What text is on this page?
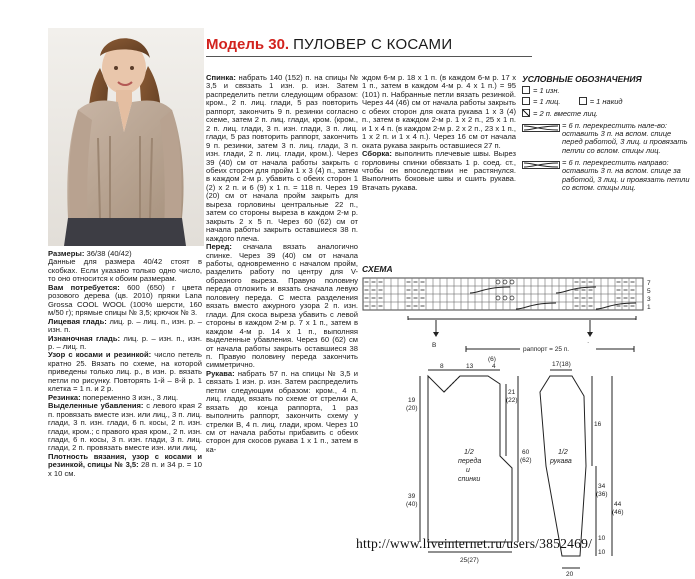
Модель 30. ПУЛОВЕР С КОСАМИ

Размеры: 36/38 (40/42)

Данные для размера 40/42 стоят в скобках. Если указано только одно число, то оно относится к обоим размерам.

Вам потребуется: 600 (650) г цвета розового дерева (цв. 2010) пряжи Lana Grossa COOL WOOL (100% шерсти, 160 м/50 г); прямые спицы № 3,5; крючок № 3.

Лицевая гладь: лиц. р. – лиц. п., изн. р. – изн. п.

Изнаночная гладь: лиц. р. – изн. п., изн. р. – лиц. п.

Узор с косами и резинкой: число петель кратно 25. Вязать по схеме, на которой приведены только лиц. р., в изн. р. вязать петли по рисунку. Повторять 1-й – 8-й р. 1 клетка = 1 п. и 2 р.

Резинка: попеременно 3 изн., 3 лиц.

Выделенные убавления: с левого края 2 п. провязать вместе изн. или лиц., 3 п. лиц. глади, 3 п. изн. глади, 6 п. косы, 2 п. изн. глади, кром.; с правого края кром., 2 п. изн. глади, 6 п. косы, 3 п. изн. глади, 3 п. лиц. глади, 2 п. провязать вместе изн. или лиц.

Плотность вязания, узор с косами и резинкой, спицы № 3,5: 28 п. и 34 р. = 10 х 10 см.

Спинка: набрать 140 (152) п. на спицы № 3,5 и связать 1 изн. р. изн. Затем распределить петли следующим образом: кром., 2 п. лиц. глади, 5 раз повторить раппорт, закончить 9 п. резинки согласно схеме, затем 2 п. лиц. глади, кром. (кром., 2 п. лиц. глади, 3 п. изн. глади, 3 п. лиц. глади, 5 раз повторить раппорт, закончить 9 п. резинки, затем 3 п. лиц. глади, 3 п. изн. глади, 2 п. лиц. глади, кром.). Через 39 (40) см от начала работы закрыть с обеих сторон для пройм 1 х 3 (4) п., затем в каждом 2-м р. убавить с обеих сторон 1 (2) х 2 п. и 6 (9) х 1 п. = 118 п. Через 19 (20) см от начала пройм закрыть для выреза горловины центральные 22 п., затем со стороны выреза в каждом 2-м р. закрыть 2 х 5 п. Через 60 (62) см от начала работы закрыть оставшиеся 38 п. каждого плеча.

Перед: сначала вязать аналогично спинке. Через 39 (40) см от начала работы, одновременно с началом пройм, разделить работу по центру для V-образного выреза. Правую половину переда отложить и вязать сначала левую половину переда. С места разделения вязать вместо ажурного узора 2 п. изн. глади. Для скоса выреза убавить с левой стороны в каждом 2-м р. 7 х 1 п., затем в каждом 4-м р. 14 х 1 п., выполняя выделенные убавления. Через 60 (62) см от начала работы закрыть оставшиеся 38 п. Правую половину переда закончить симметрично.

Рукава: набрать 57 п. на спицы № 3,5 и связать 1 изн. р. изн. Затем распределить петли следующим образом: кром., 4 п. лиц. глади, вязать по схеме от стрелки А, вязать до конца раппорта, 1 раз выполнить раппорт, закончить схему у стрелки В, 4 п. лиц. глади, кром. Через 10 см от начала работы прибавить с обеих сторон для скосов рукава 1 х 1 п., затем в ка-

ждом 6-м р. 18 х 1 п. (в каждом 6-м р. 17 х 1 п., затем в каждом 4-м р. 4 х 1 п.) = 95 (101) п. Набранные петли вязать резинкой. Через 44 (46) см от начала работы закрыть с обеих сторон для оката рукава 1 х 3 (4) п., затем в каждом 2-м р. 1 х 2 п., 25 х 1 п. и 1 х 4 п. (в каждом 2-м р. 2 х 2 п., 23 х 1 п., 1 х 2 п. и 1 х 4 п.). Через 16 см от начала оката рукава закрыть оставшиеся 27 п.

Сборка: выполнить плечевые швы. Вырез горловины спинки обвязать 1 р. соед. ст., чтобы он впоследствии не растянулся. Выполнить боковые швы и сшить рукава. Втачать рукава.

УСЛОВНЫЕ ОБОЗНАЧЕНИЯ
= 1 изн.
= 1 лиц.	= 1 накид
= 2 п. вместе лиц.
= 6 п. перекрестить нале-во: оставить 3 п. на вспом. спице перед работой, 3 лиц. и провязать петли со вспом. спицы лиц.
= 6 п. перекрестить направо: оставить 3 п. на вспом. спице за работой, 3 лиц. и провязать петли со вспом. спицы лиц.
СХЕМА
7
5
3
1
B
раппорт = 25 п.
8	13
(6)
4
19
(20)
21
(22)
39
(40)
60
(62)
25(27)
1/2
переда
и
спинки
17(18)
16
34
(36)
44
(46)
10
10
20
1/2
рукава
http://www.liveinternet.ru/users/3852469/
